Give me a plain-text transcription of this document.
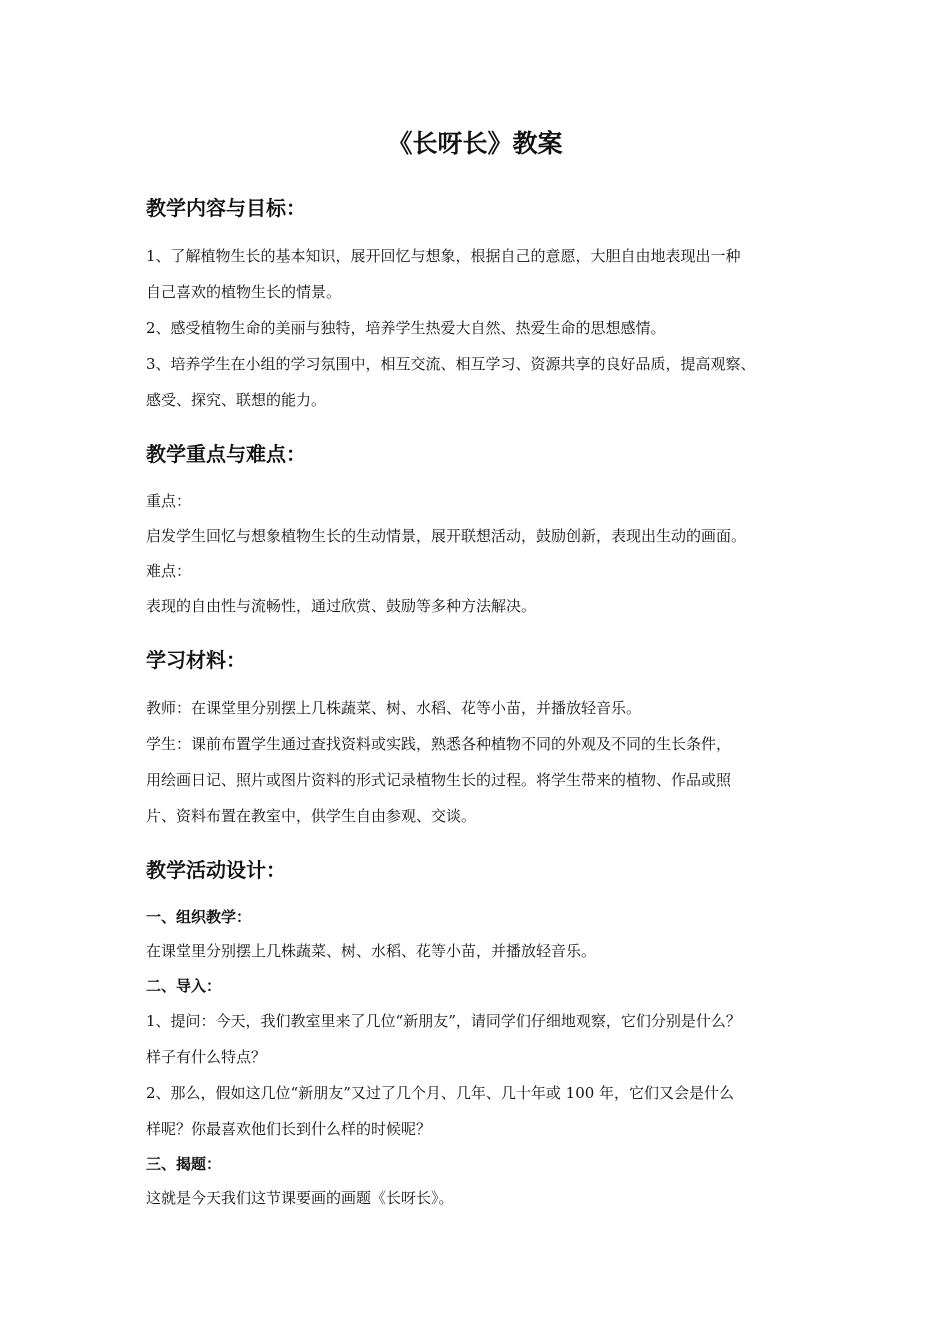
《长呀长》教案
教学内容与目标：

1、了解植物生长的基本知识，展开回忆与想象，根据自己的意愿，大胆自由地表现出一种

自己喜欢的植物生长的情景。

2、感受植物生命的美丽与独特，培养学生热爱大自然、热爱生命的思想感情。

3、培养学生在小组的学习氛围中，相互交流、相互学习、资源共享的良好品质，提高观察、

感受、探究、联想的能力。

教学重点与难点：

重点：

启发学生回忆与想象植物生长的生动情景，展开联想活动，鼓励创新，表现出生动的画面。

难点：

表现的自由性与流畅性，通过欣赏、鼓励等多种方法解决。

学习材料：

教师：在课堂里分别摆上几株蔬菜、树、水稻、花等小苗，并播放轻音乐。

学生：课前布置学生通过查找资料或实践，熟悉各种植物不同的外观及不同的生长条件，

用绘画日记、照片或图片资料的形式记录植物生长的过程。将学生带来的植物、作品或照

片、资料布置在教室中，供学生自由参观、交谈。

教学活动设计：

一、组织教学：

在课堂里分别摆上几株蔬菜、树、水稻、花等小苗，并播放轻音乐。

二、导入：

1、提问：今天，我们教室里来了几位“新朋友”，请同学们仔细地观察，它们分别是什么？

样子有什么特点？

2、那么，假如这几位“新朋友”又过了几个月、几年、几十年或 100 年，它们又会是什么

样呢？你最喜欢他们长到什么样的时候呢？

三、揭题：

这就是今天我们这节课要画的画题《长呀长》。
